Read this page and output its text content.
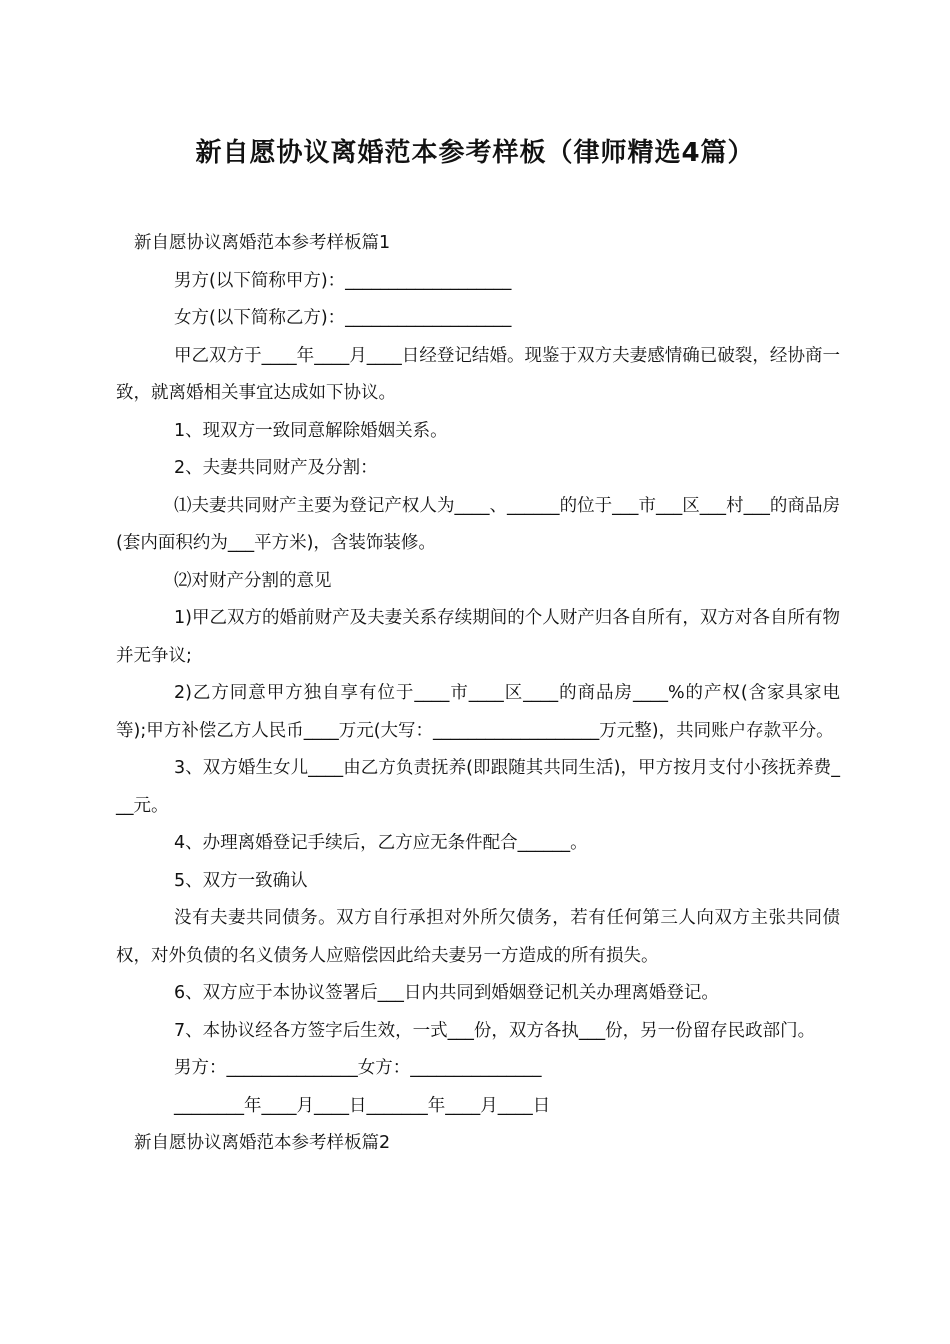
新自愿协议离婚范本参考样板（律师精选4篇）

新自愿协议离婚范本参考样板篇1

男方(以下简称甲方)：___________________

女方(以下简称乙方)：___________________

甲乙双方于____年____月____日经登记结婚。现鉴于双方夫妻感情确已破裂，经协商一致，就离婚相关事宜达成如下协议。

1、现双方一致同意解除婚姻关系。

2、夫妻共同财产及分割：

⑴夫妻共同财产主要为登记产权人为____、______的位于___市___区___村___的商品房(套内面积约为___平方米)，含装饰装修。

⑵对财产分割的意见

1)甲乙双方的婚前财产及夫妻关系存续期间的个人财产归各自所有，双方对各自所有物并无争议;

2)乙方同意甲方独自享有位于____市____区____的商品房____%的产权(含家具家电等);甲方补偿乙方人民币____万元(大写：___________________万元整)，共同账户存款平分。

3、双方婚生女儿____由乙方负责抚养(即跟随其共同生活)，甲方按月支付小孩抚养费___元。

4、办理离婚登记手续后，乙方应无条件配合______。

5、双方一致确认

没有夫妻共同债务。双方自行承担对外所欠债务，若有任何第三人向双方主张共同债权，对外负债的名义债务人应赔偿因此给夫妻另一方造成的所有损失。

6、双方应于本协议签署后___日内共同到婚姻登记机关办理离婚登记。

7、本协议经各方签字后生效，一式___份，双方各执___份，另一份留存民政部门。

男方：_______________女方：_______________

________年____月____日_______年____月____日

新自愿协议离婚范本参考样板篇2
